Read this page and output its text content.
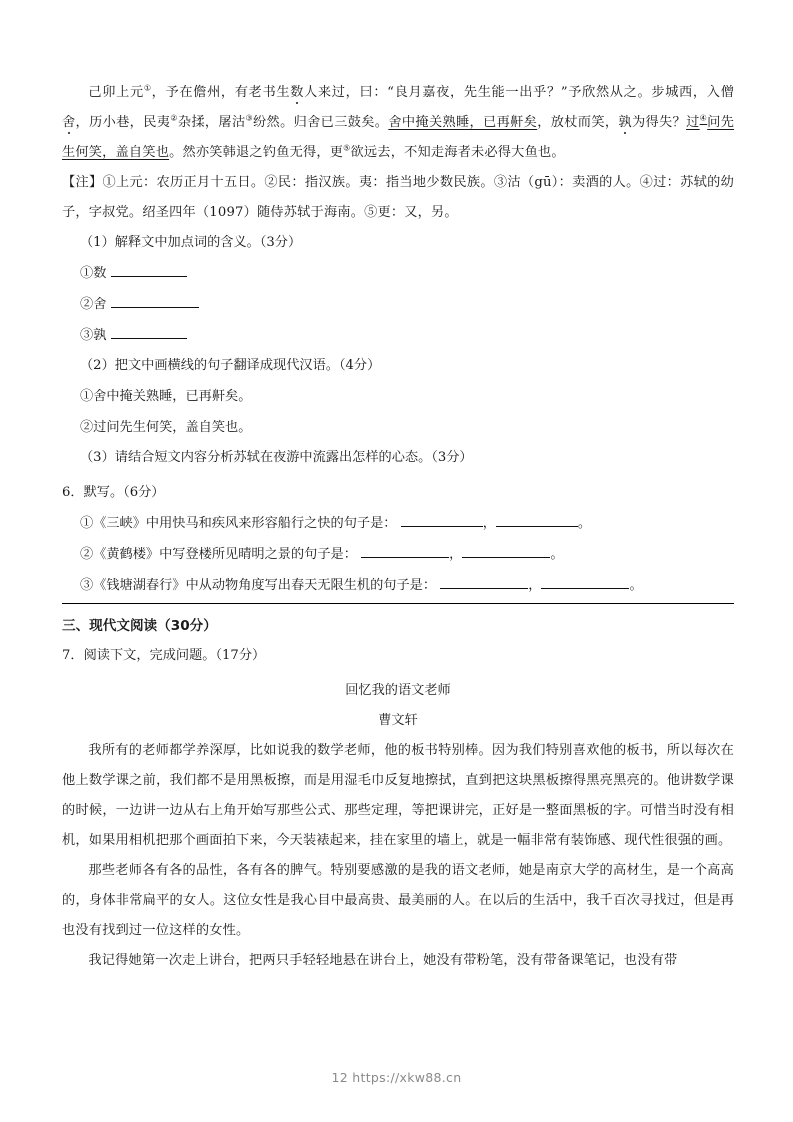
己卯上元①，予在儋州，有老书生数人来过，曰：“良月嘉夜，先生能一出乎？”予欣然从之。步城西，入僧舍，历小巷，民夷②杂揉，屠沽③纷然。归舍已三鼓矣。舍中掩关熟睡，已再鼾矣，放杖而笑，孰为得失？过④问先生何笑，盖自笑也。然亦笑韩退之钓鱼无得，更⑤欲远去，不知走海者未必得大鱼也。

【注】①上元：农历正月十五日。②民：指汉族。夷：指当地少数民族。③沽（gū）：卖酒的人。④过：苏轼的幼子，字叔党。绍圣四年（1097）随侍苏轼于海南。⑤更：又，另。

（1）解释文中加点词的含义。（3分）

①数

②舍

③孰

（2）把文中画横线的句子翻译成现代汉语。（4分）

①舍中掩关熟睡，已再鼾矣。

②过问先生何笑，盖自笑也。

（3）请结合短文内容分析苏轼在夜游中流露出怎样的心态。（3分）

6．默写。（6分）

①《三峡》中用快马和疾风来形容船行之快的句子是：	，	。

②《黄鹤楼》中写登楼所见晴明之景的句子是：	，	。

③《钱塘湖春行》中从动物角度写出春天无限生机的句子是：	，	。

三、现代文阅读（30分）

7．阅读下文，完成问题。（17分）

回忆我的语文老师

曹文轩

我所有的老师都学养深厚，比如说我的数学老师，他的板书特别棒。因为我们特别喜欢他的板书，所以每次在他上数学课之前，我们都不是用黑板擦，而是用湿毛巾反复地擦拭，直到把这块黑板擦得黑亮黑亮的。他讲数学课的时候，一边讲一边从右上角开始写那些公式、那些定理，等把课讲完，正好是一整面黑板的字。可惜当时没有相机，如果用相机把那个画面拍下来，今天装裱起来，挂在家里的墙上，就是一幅非常有装饰感、现代性很强的画。

那些老师各有各的品性，各有各的脾气。特别要感激的是我的语文老师，她是南京大学的高材生，是一个高高的，身体非常扁平的女人。这位女性是我心目中最高贵、最美丽的人。在以后的生活中，我千百次寻找过，但是再也没有找到过一位这样的女性。

我记得她第一次走上讲台，把两只手轻轻地悬在讲台上，她没有带粉笔，没有带备课笔记，也没有带

12 https://xkw88.cn
